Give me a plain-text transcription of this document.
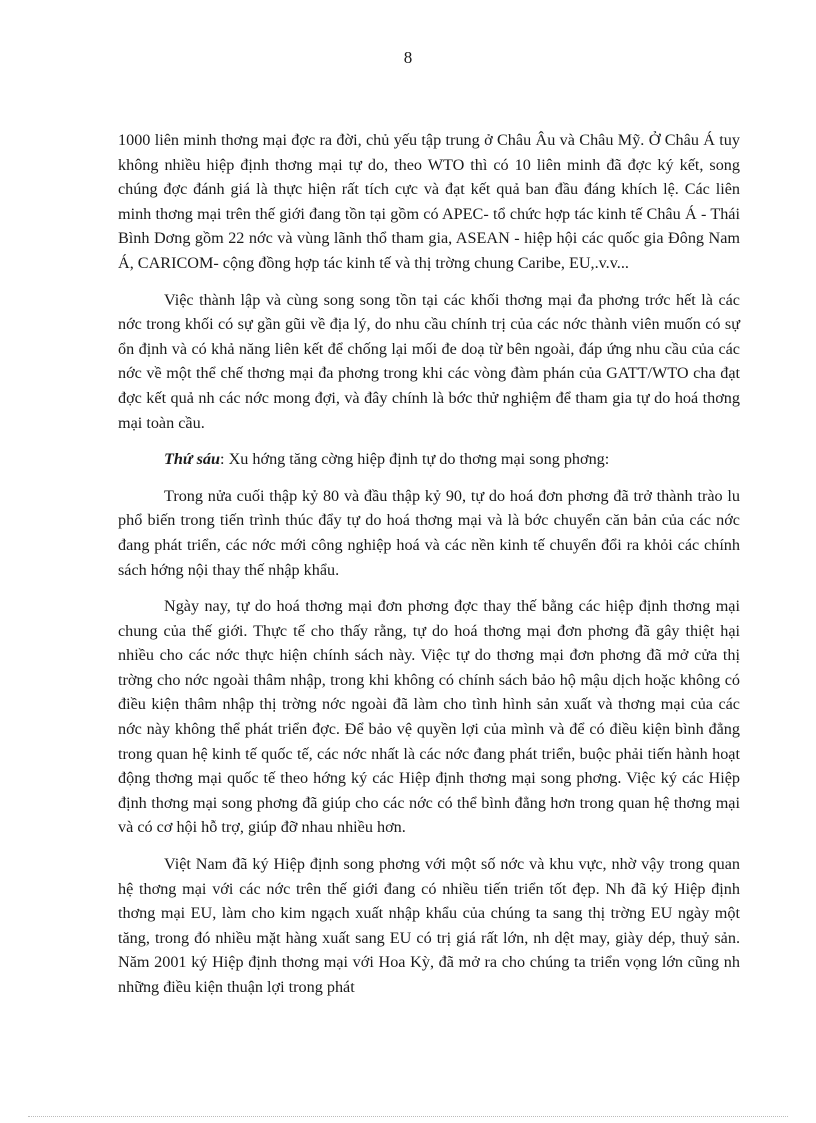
8

1000 liên minh thơng mại đợc ra đời, chủ yếu tập trung ở Châu Âu và Châu Mỹ. Ở Châu Á tuy không nhiều hiệp định thơng mại tự do, theo WTO thì có 10 liên minh đã đợc ký kết, song chúng đợc đánh giá là thực hiện rất tích cực và đạt kết quả ban đầu đáng khích lệ. Các liên minh thơng mại trên thế giới đang tồn tại gồm có APEC- tổ chức hợp tác kinh tế Châu Á - Thái Bình Dơng gồm 22 nớc và vùng lãnh thổ tham gia, ASEAN - hiệp hội các quốc gia Đông Nam Á, CARICOM- cộng đồng hợp tác kinh tế và thị trờng chung Caribe, EU,.v.v...

Việc thành lập và cùng song song tồn tại các khối thơng mại đa phơng trớc hết là các nớc trong khối có sự gần gũi về địa lý, do nhu cầu chính trị của các nớc thành viên muốn có sự ổn định và có khả năng liên kết để chống lại mối đe doạ từ bên ngoài, đáp ứng nhu cầu của các nớc về một thể chế thơng mại đa phơng trong khi các vòng đàm phán của GATT/WTO cha đạt đợc kết quả nh các nớc mong đợi, và đây chính là bớc thử nghiệm để tham gia tự do hoá thơng mại toàn cầu.

Thứ sáu: Xu hớng tăng cờng hiệp định tự do thơng mại song phơng:

Trong nửa cuối thập kỷ 80 và đầu thập kỷ 90, tự do hoá đơn phơng đã trở thành trào lu phổ biến trong tiến trình thúc đẩy tự do hoá thơng mại và là bớc chuyển căn bản của các nớc đang phát triển, các nớc mới công nghiệp hoá và các nền kinh tế chuyển đổi ra khỏi các chính sách hớng nội thay thế nhập khẩu.

Ngày nay, tự do hoá thơng mại đơn phơng đợc thay thế bằng các hiệp định thơng mại chung của thế giới. Thực tế cho thấy rằng, tự do hoá thơng mại đơn phơng đã gây thiệt hại nhiều cho các nớc thực hiện chính sách này. Việc tự do thơng mại đơn phơng đã mở cửa thị trờng cho nớc ngoài thâm nhập, trong khi không có chính sách bảo hộ mậu dịch hoặc không có điều kiện thâm nhập thị trờng nớc ngoài đã làm cho tình hình sản xuất và thơng mại của các nớc này không thể phát triển đợc. Để bảo vệ quyền lợi của mình và để có điều kiện bình đẳng trong quan hệ kinh tế quốc tế, các nớc nhất là các nớc đang phát triển, buộc phải tiến hành hoạt động thơng mại quốc tế theo hớng ký các Hiệp định thơng mại song phơng. Việc ký các Hiệp định thơng mại song phơng đã giúp cho các nớc có thể bình đẳng hơn trong quan hệ thơng mại và có cơ hội hỗ trợ, giúp đỡ nhau nhiều hơn.

Việt Nam đã ký Hiệp định song phơng với một số nớc và khu vực, nhờ vậy trong quan hệ thơng mại với các nớc trên thế giới đang có nhiều tiến triển tốt đẹp. Nh đã ký Hiệp định thơng mại EU, làm cho kim ngạch xuất nhập khẩu của chúng ta sang thị trờng EU ngày một tăng, trong đó nhiều mặt hàng xuất sang EU có trị giá rất lớn, nh dệt may, giày dép, thuỷ sản. Năm 2001 ký Hiệp định thơng mại với Hoa Kỳ, đã mở ra cho chúng ta triển vọng lớn cũng nh những điều kiện thuận lợi trong phát
